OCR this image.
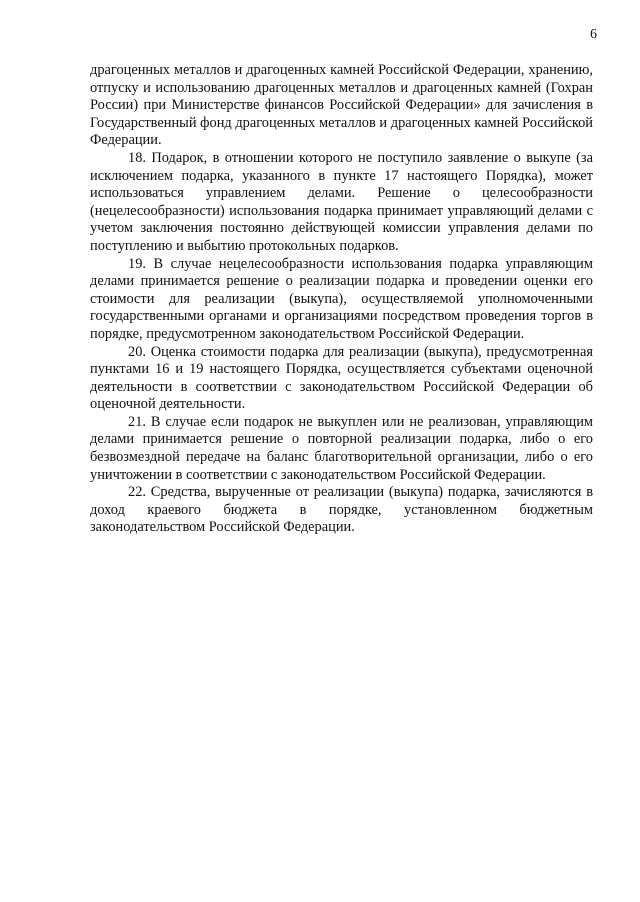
6

драгоценных металлов и драгоценных камней Российской Федерации, хранению, отпуску и использованию драгоценных металлов и драгоценных камней (Гохран России) при Министерстве финансов Российской Федерации» для зачисления в Государственный фонд драгоценных металлов и драгоценных камней Российской Федерации.

18. Подарок, в отношении которого не поступило заявление о выкупе (за исключением подарка, указанного в пункте 17 настоящего Порядка), может использоваться управлением делами. Решение о целесообразности (нецелесообразности) использования подарка принимает управляющий делами с учетом заключения постоянно действующей комиссии управления делами по поступлению и выбытию протокольных подарков.

19. В случае нецелесообразности использования подарка управляющим делами принимается решение о реализации подарка и проведении оценки его стоимости для реализации (выкупа), осуществляемой уполномоченными государственными органами и организациями посредством проведения торгов в порядке, предусмотренном законодательством Российской Федерации.

20. Оценка стоимости подарка для реализации (выкупа), предусмотренная пунктами 16 и 19 настоящего Порядка, осуществляется субъектами оценочной деятельности в соответствии с законодательством Российской Федерации об оценочной деятельности.

21. В случае если подарок не выкуплен или не реализован, управляющим делами принимается решение о повторной реализации подарка, либо о его безвозмездной передаче на баланс благотворительной организации, либо о его уничтожении в соответствии с законодательством Российской Федерации.

22. Средства, вырученные от реализации (выкупа) подарка, зачисляются в доход краевого бюджета в порядке, установленном бюджетным законодательством Российской Федерации.
